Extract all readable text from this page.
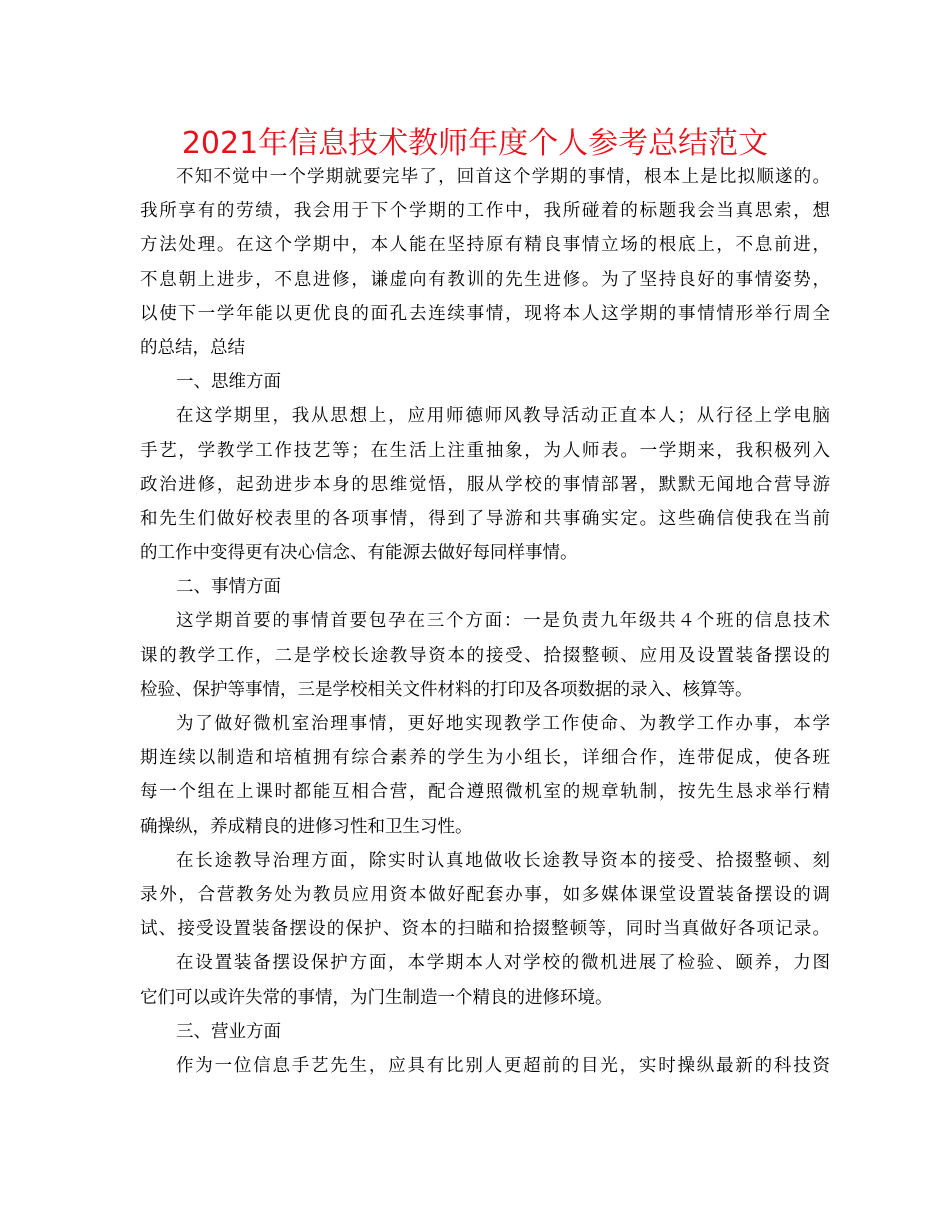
2021年信息技术教师年度个人参考总结范文
不知不觉中一个学期就要完毕了，回首这个学期的事情，根本上是比拟顺遂的。
我所享有的劳绩，我会用于下个学期的工作中，我所碰着的标题我会当真思索，想
方法处理。在这个学期中，本人能在坚持原有精良事情立场的根底上，不息前进，
不息朝上进步，不息进修，谦虚向有教训的先生进修。为了坚持良好的事情姿势，
以使下一学年能以更优良的面孔去连续事情，现将本人这学期的事情情形举行周全
的总结，总结
一、思维方面
在这学期里，我从思想上，应用师德师风教导活动正直本人；从行径上学电脑
手艺，学教学工作技艺等；在生活上注重抽象，为人师表。一学期来，我积极列入
政治进修，起劲进步本身的思维觉悟，服从学校的事情部署，默默无闻地合营导游
和先生们做好校表里的各项事情，得到了导游和共事确实定。这些确信使我在当前
的工作中变得更有决心信念、有能源去做好每同样事情。
二、事情方面
这学期首要的事情首要包孕在三个方面：一是负责九年级共４个班的信息技术
课的教学工作，二是学校长途教导资本的接受、拾掇整顿、应用及设置装备摆设的
检验、保护等事情，三是学校相关文件材料的打印及各项数据的录入、核算等。
为了做好微机室治理事情，更好地实现教学工作使命、为教学工作办事，本学
期连续以制造和培植拥有综合素养的学生为小组长，详细合作，连带促成，使各班
每一个组在上课时都能互相合营，配合遵照微机室的规章轨制，按先生恳求举行精
确操纵，养成精良的进修习性和卫生习性。
在长途教导治理方面，除实时认真地做收长途教导资本的接受、拾掇整顿、刻
录外，合营教务处为教员应用资本做好配套办事，如多媒体课堂设置装备摆设的调
试、接受设置装备摆设的保护、资本的扫瞄和拾掇整顿等，同时当真做好各项记录。
在设置装备摆设保护方面，本学期本人对学校的微机进展了检验、颐养，力图
它们可以或许失常的事情，为门生制造一个精良的进修环境。
三、营业方面
作为一位信息手艺先生，应具有比别人更超前的目光，实时操纵最新的科技资
